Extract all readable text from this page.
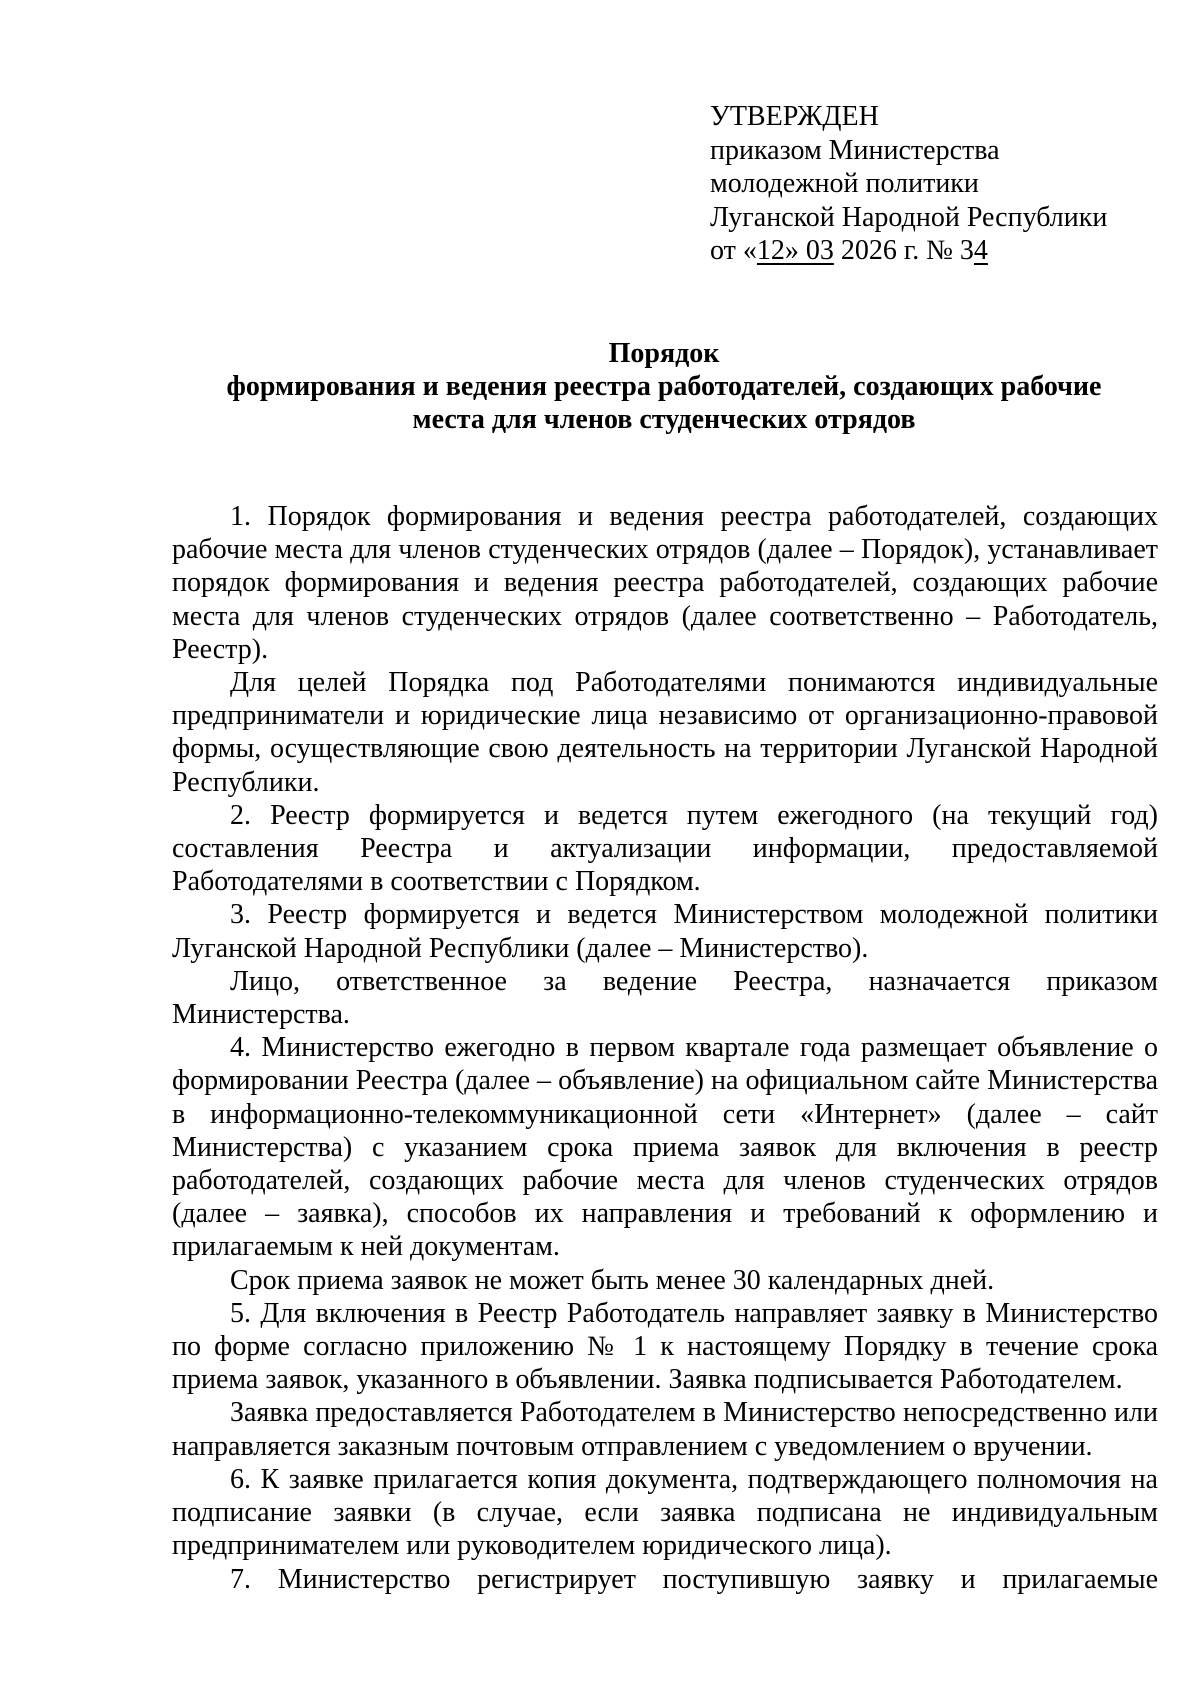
УТВЕРЖДЕН
приказом Министерства
молодежной политики
Луганской Народной Республики
от «12» 03 2026 г. № 34
Порядок
формирования и ведения реестра работодателей, создающих рабочие
места для членов студенческих отрядов

1. Порядок формирования и ведения реестра работодателей, создающих рабочие места для членов студенческих отрядов (далее – Порядок), устанавливает порядок формирования и ведения реестра работодателей, создающих рабочие места для членов студенческих отрядов (далее соответственно – Работодатель, Реестр).

Для целей Порядка под Работодателями понимаются индивидуальные предприниматели и юридические лица независимо от организационно-правовой формы, осуществляющие свою деятельность на территории Луганской Народной Республики.

2. Реестр формируется и ведется путем ежегодного (на текущий год) составления Реестра и актуализации информации, предоставляемой Работодателями в соответствии с Порядком.

3. Реестр формируется и ведется Министерством молодежной политики Луганской Народной Республики (далее – Министерство).

Лицо, ответственное за ведение Реестра, назначается приказом Министерства.

4. Министерство ежегодно в первом квартале года размещает объявление о формировании Реестра (далее – объявление) на официальном сайте Министерства в информационно-телекоммуникационной сети «Интернет» (далее – сайт Министерства) с указанием срока приема заявок для включения в реестр работодателей, создающих рабочие места для членов студенческих отрядов (далее – заявка), способов их направления и требований к оформлению и прилагаемым к ней документам.

Срок приема заявок не может быть менее 30 календарных дней.

5. Для включения в Реестр Работодатель направляет заявку в Министерство по форме согласно приложению № 1 к настоящему Порядку в течение срока приема заявок, указанного в объявлении. Заявка подписывается Работодателем.

Заявка предоставляется Работодателем в Министерство непосредственно или направляется заказным почтовым отправлением с уведомлением о вручении.

6. К заявке прилагается копия документа, подтверждающего полномочия на подписание заявки (в случае, если заявка подписана не индивидуальным предпринимателем или руководителем юридического лица).

7. Министерство регистрирует поступившую заявку и прилагаемые
